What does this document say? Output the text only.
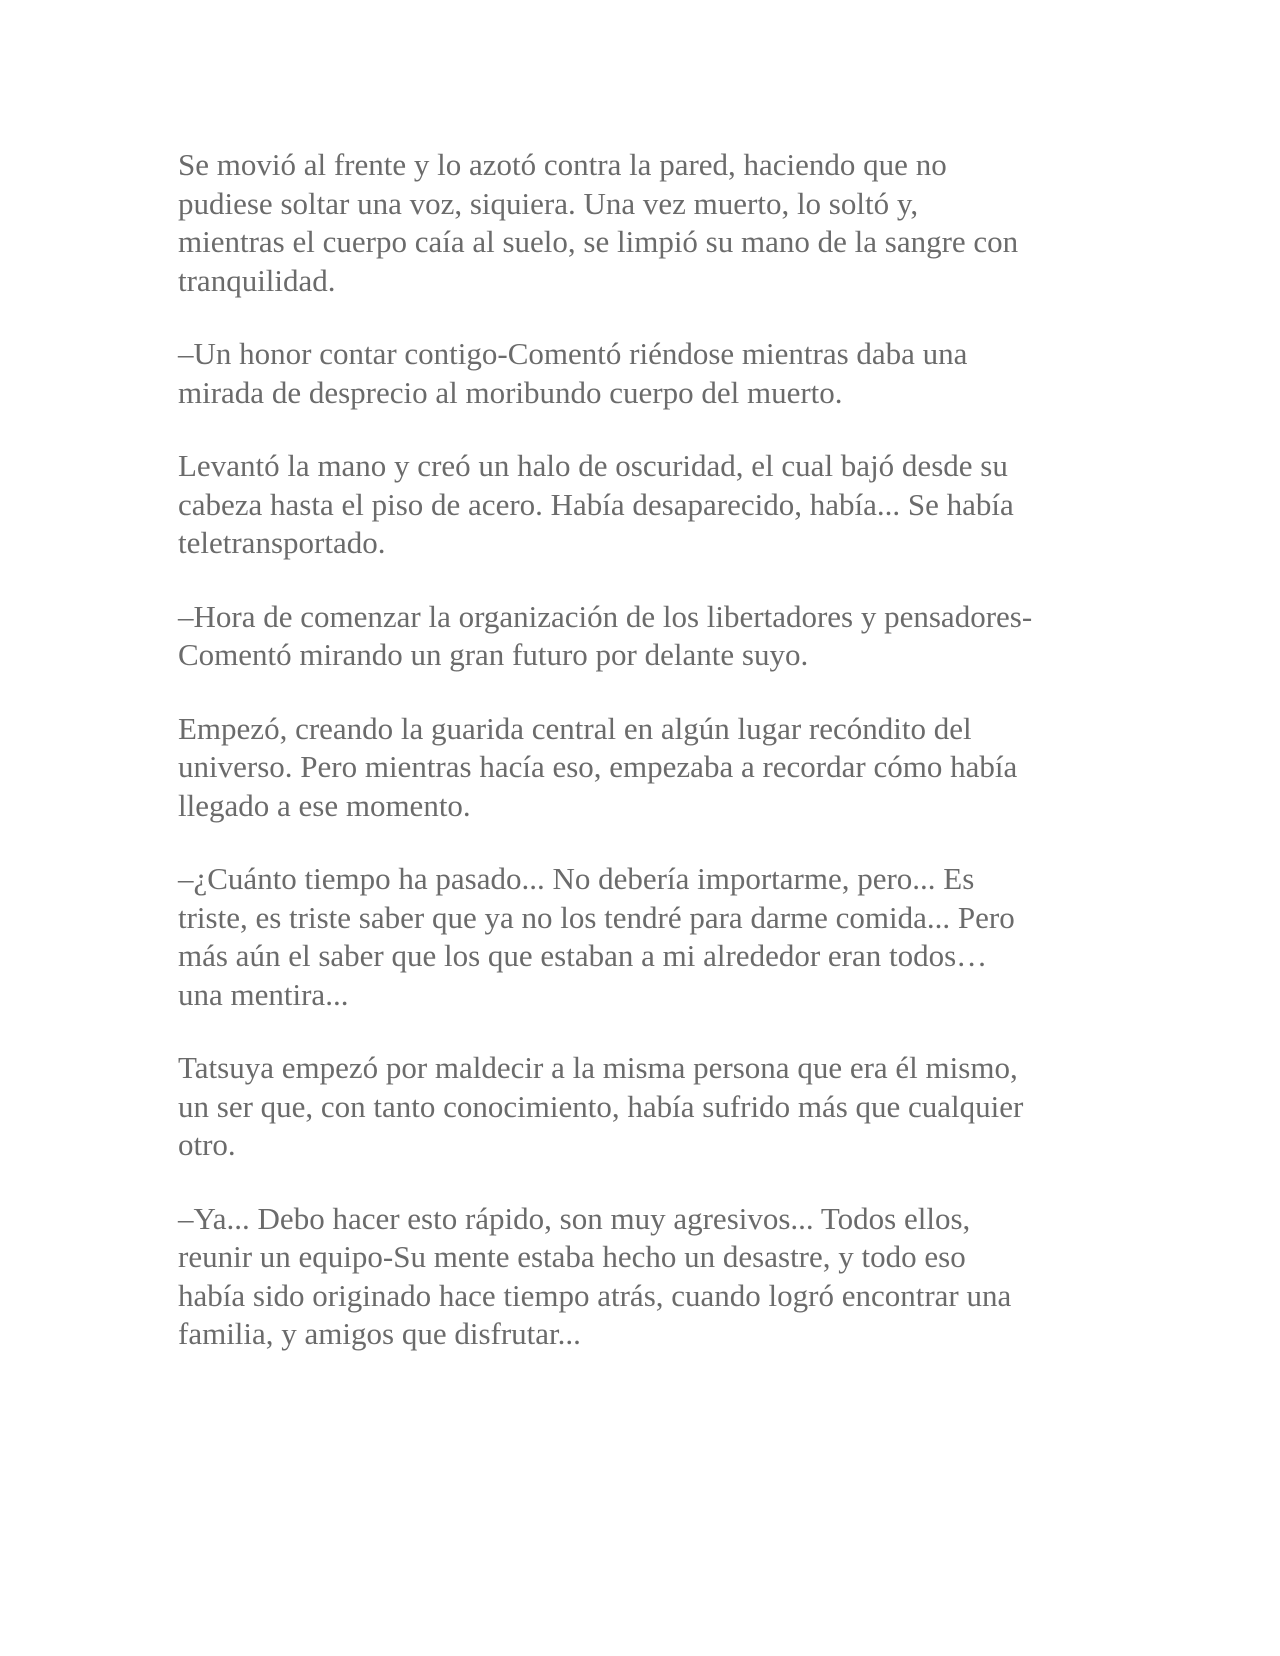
Se movió al frente y lo azotó contra la pared, haciendo que no
pudiese soltar una voz, siquiera. Una vez muerto, lo soltó y,
mientras el cuerpo caía al suelo, se limpió su mano de la sangre con
tranquilidad.

–Un honor contar contigo-Comentó riéndose mientras daba una
mirada de desprecio al moribundo cuerpo del muerto.

Levantó la mano y creó un halo de oscuridad, el cual bajó desde su
cabeza hasta el piso de acero. Había desaparecido, había... Se había
teletransportado.

–Hora de comenzar la organización de los libertadores y pensadores-
Comentó mirando un gran futuro por delante suyo.

Empezó, creando la guarida central en algún lugar recóndito del
universo. Pero mientras hacía eso, empezaba a recordar cómo había
llegado a ese momento.

–¿Cuánto tiempo ha pasado... No debería importarme, pero... Es
triste, es triste saber que ya no los tendré para darme comida... Pero
más aún el saber que los que estaban a mi alrededor eran todos…
una mentira...

Tatsuya empezó por maldecir a la misma persona que era él mismo,
un ser que, con tanto conocimiento, había sufrido más que cualquier
otro.

–Ya... Debo hacer esto rápido, son muy agresivos... Todos ellos,
reunir un equipo-Su mente estaba hecho un desastre, y todo eso
había sido originado hace tiempo atrás, cuando logró encontrar una
familia, y amigos que disfrutar...
